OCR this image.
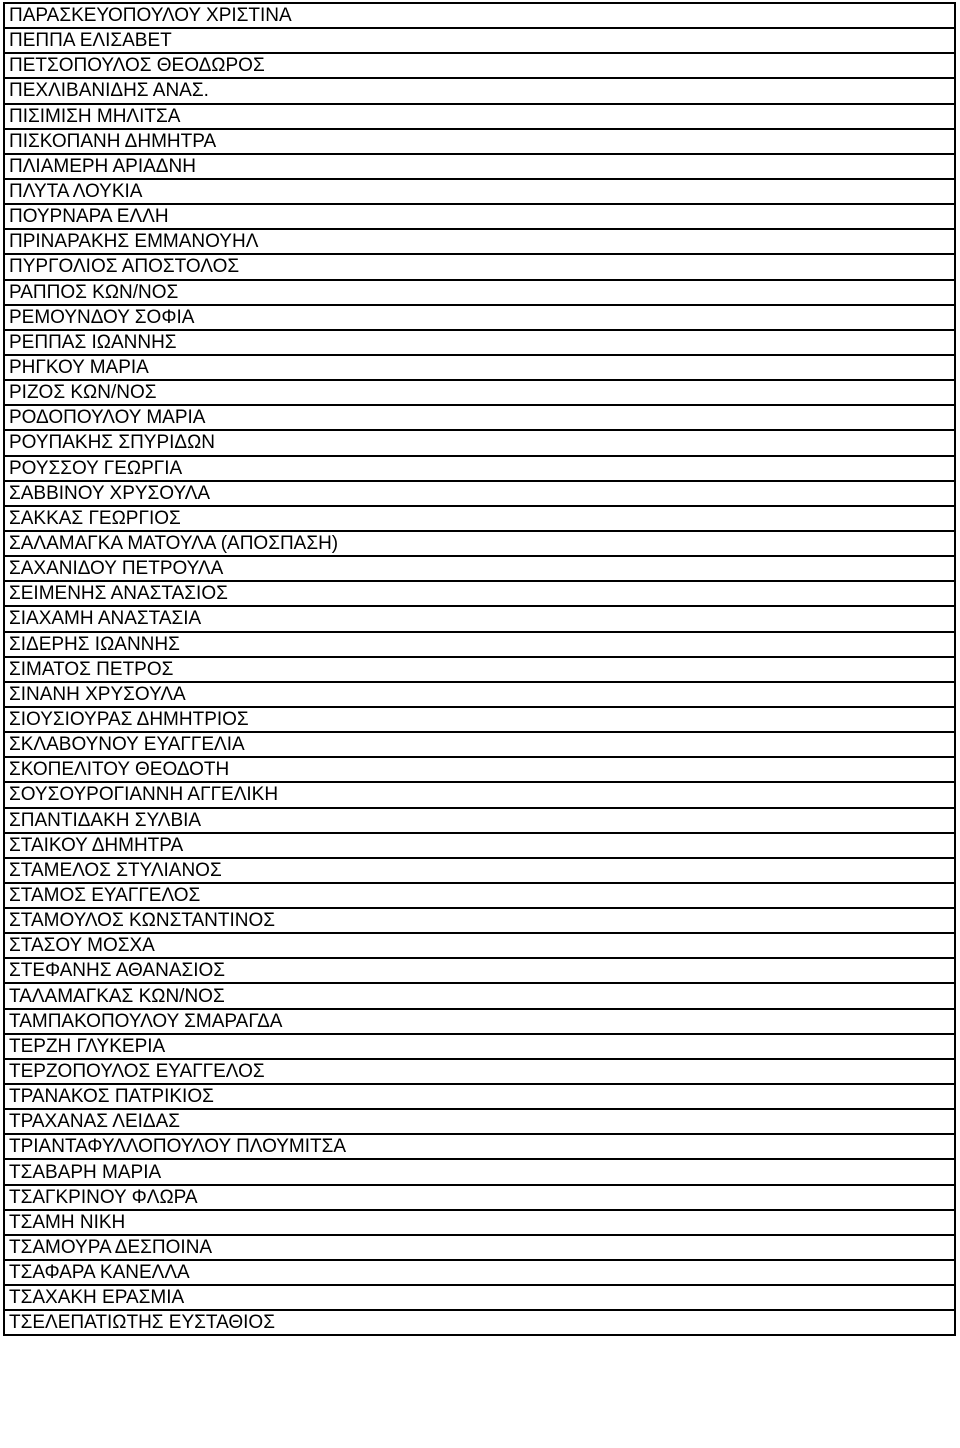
ΠΑΡΑΣΚΕΥΟΠΟΥΛΟΥ ΧΡΙΣΤΙΝΑ
ΠΕΠΠΑ ΕΛΙΣΑΒΕΤ
ΠΕΤΣΟΠΟΥΛΟΣ ΘΕΟΔΩΡΟΣ
ΠΕΧΛΙΒΑΝΙΔΗΣ ΑΝΑΣ.
ΠΙΣΙΜΙΣΗ ΜΗΛΙΤΣΑ
ΠΙΣΚΟΠΑΝΗ ΔΗΜΗΤΡΑ
ΠΛΙΑΜΕΡΗ ΑΡΙΑΔΝΗ
ΠΛΥΤΑ ΛΟΥΚΙΑ
ΠΟΥΡΝΑΡΑ ΕΛΛΗ
ΠΡΙΝΑΡΑΚΗΣ ΕΜΜΑΝΟΥΗΛ
ΠΥΡΓΟΛΙΟΣ ΑΠΟΣΤΟΛΟΣ
ΡΑΠΠΟΣ ΚΩΝ/ΝΟΣ
ΡΕΜΟΥΝΔΟΥ ΣΟΦΙΑ
ΡΕΠΠΑΣ ΙΩΑΝΝΗΣ
ΡΗΓΚΟΥ ΜΑΡΙΑ
ΡΙΖΟΣ ΚΩΝ/ΝΟΣ
ΡΟΔΟΠΟΥΛΟΥ ΜΑΡΙΑ
ΡΟΥΠΑΚΗΣ ΣΠΥΡΙΔΩΝ
ΡΟΥΣΣΟΥ ΓΕΩΡΓΙΑ
ΣΑΒΒΙΝΟΥ ΧΡΥΣΟΥΛΑ
ΣΑΚΚΑΣ ΓΕΩΡΓΙΟΣ
ΣΑΛΑΜΑΓΚΑ ΜΑΤΟΥΛΑ (ΑΠΟΣΠΑΣΗ)
ΣΑΧΑΝΙΔΟΥ ΠΕΤΡΟΥΛΑ
ΣΕΙΜΕΝΗΣ ΑΝΑΣΤΑΣΙΟΣ
ΣΙΑΧΑΜΗ ΑΝΑΣΤΑΣΙΑ
ΣΙΔΕΡΗΣ ΙΩΑΝΝΗΣ
ΣΙΜΑΤΟΣ ΠΕΤΡΟΣ
ΣΙΝΑΝΗ ΧΡΥΣΟΥΛΑ
ΣΙΟΥΣΙΟΥΡΑΣ ΔΗΜΗΤΡΙΟΣ
ΣΚΛΑΒΟΥΝΟΥ ΕΥΑΓΓΕΛΙΑ
ΣΚΟΠΕΛΙΤΟΥ ΘΕΟΔΟΤΗ
ΣΟΥΣΟΥΡΟΓΙΑΝΝΗ ΑΓΓΕΛΙΚΗ
ΣΠΑΝΤΙΔΑΚΗ ΣΥΛΒΙΑ
ΣΤΑΙΚΟΥ ΔΗΜΗΤΡΑ
ΣΤΑΜΕΛΟΣ ΣΤΥΛΙΑΝΟΣ
ΣΤΑΜΟΣ ΕΥΑΓΓΕΛΟΣ
ΣΤΑΜΟΥΛΟΣ ΚΩΝΣΤΑΝΤΙΝΟΣ
ΣΤΑΣΟΥ ΜΟΣΧΑ
ΣΤΕΦΑΝΗΣ ΑΘΑΝΑΣΙΟΣ
ΤΑΛΑΜΑΓΚΑΣ ΚΩΝ/ΝΟΣ
ΤΑΜΠΑΚΟΠΟΥΛΟΥ ΣΜΑΡΑΓΔΑ
ΤΕΡΖΗ ΓΛΥΚΕΡΙΑ
ΤΕΡΖΟΠΟΥΛΟΣ ΕΥΑΓΓΕΛΟΣ
ΤΡΑΝΑΚΟΣ ΠΑΤΡΙΚΙΟΣ
ΤΡΑΧΑΝΑΣ ΛΕΙΔΑΣ
ΤΡΙΑΝΤΑΦΥΛΛΟΠΟΥΛΟΥ ΠΛΟΥΜΙΤΣΑ
ΤΣΑΒΑΡΗ ΜΑΡΙΑ
ΤΣΑΓΚΡΙΝΟΥ ΦΛΩΡΑ
ΤΣΑΜΗ ΝΙΚΗ
ΤΣΑΜΟΥΡΑ ΔΕΣΠΟΙΝΑ
ΤΣΑΦΑΡΑ ΚΑΝΕΛΛΑ
ΤΣΑΧΑΚΗ ΕΡΑΣΜΙΑ
ΤΣΕΛΕΠΑΤΙΩΤΗΣ ΕΥΣΤΑΘΙΟΣ
